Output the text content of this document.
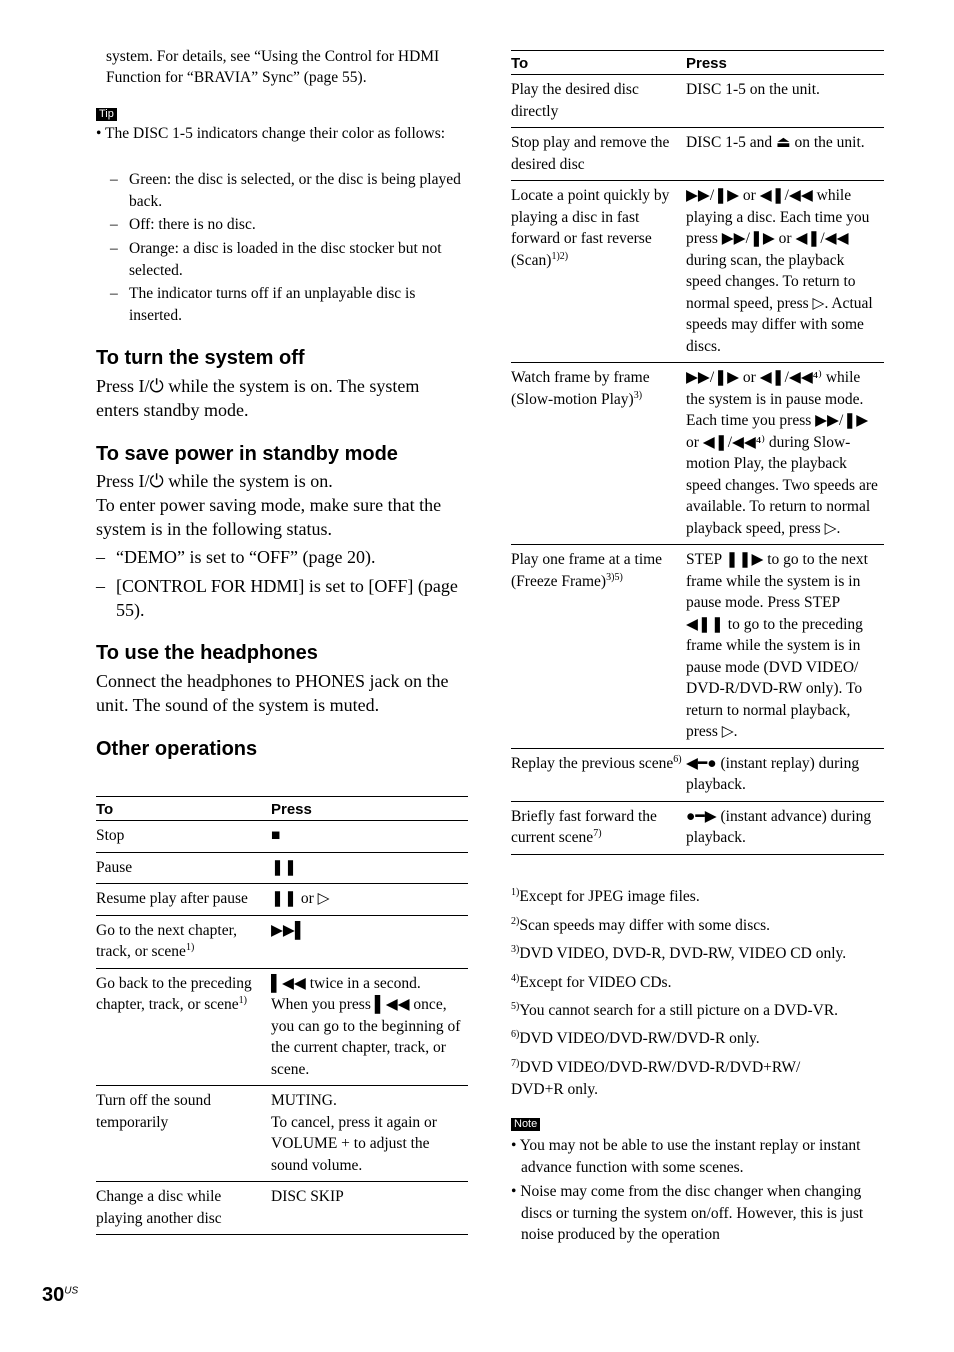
system. For details, see “Using the Control for HDMI

Function for “BRAVIA” Sync” (page 55).

Tip

• The DISC 1-5 indicators change their color as follows:

– Green: the disc is selected, or the disc is being played back.
– Off: there is no disc.
– Orange: a disc is loaded in the disc stocker but not selected.
– The indicator turns off if an unplayable disc is inserted.

To turn the system off

Press I/⏻ while the system is on. The system enters standby mode.

To save power in standby mode

Press I/⏻ while the system is on.

To enter power saving mode, make sure that the system is in the following status.

– “DEMO” is set to “OFF” (page 20).
– [CONTROL FOR HDMI] is set to [OFF] (page 55).

To use the headphones

Connect the headphones to PHONES jack on the unit. The sound of the system is muted.

Other operations

To	Press
Stop	■
Pause	❚❚
Resume play after pause	❚❚ or ▷
Go to the next chapter, track, or scene$^{1)}$	▶▶▌
Go back to the preceding chapter, track, or scene$^{1)}$	▌◀◀ twice in a second.
When you press ▌◀◀ once, you can go to the beginning of the current chapter, track, or scene.

Turn off the sound temporarily	MUTING.
To cancel, press it again or VOLUME + to adjust the sound volume.

Change a disc while playing another disc	DISC SKIP
To	Press
Play the desired disc directly	DISC 1-5 on the unit.
Stop play and remove the desired disc	DISC 1-5 and ⏏ on the unit.
Locate a point quickly by playing a disc in fast forward or fast reverse (Scan)$^{1)2)}$	▶▶/❚▶ or ◀❚/◀◀ while playing a disc. Each time you press ▶▶/❚▶ or ◀❚/◀◀ during scan, the playback speed changes. To return to normal speed, press ▷. Actual speeds may differ with some discs.
Watch frame by frame (Slow-motion Play)$^{3)}$	▶▶/❚▶ or ◀❚/◀◀⁴⁾ while the system is in pause mode. Each time you press ▶▶/❚▶ or ◀❚/◀◀⁴⁾ during Slow-motion Play, the playback speed changes. Two speeds are available. To return to normal playback speed, press ▷.
Play one frame at a time (Freeze Frame)$^{3)5)}$	STEP ❚❚▶ to go to the next frame while the system is in pause mode. Press STEP ◀❚❚ to go to the preceding frame while the system is in pause mode (DVD VIDEO/ DVD-R/DVD-RW only). To return to normal playback, press ▷.
Replay the previous scene$^{6)}$	◀━● (instant replay) during playback.
Briefly fast forward the current scene$^{7)}$	●━▶ (instant advance) during playback.
$^{1)}$Except for JPEG image files.
$^{2)}$Scan speeds may differ with some discs.
$^{3)}$DVD VIDEO, DVD-R, DVD-RW, VIDEO CD only.
$^{4)}$Except for VIDEO CDs.
$^{5)}$You cannot search for a still picture on a DVD-VR.
$^{6)}$DVD VIDEO/DVD-RW/DVD-R only.
$^{7)}$DVD VIDEO/DVD-RW/DVD-R/DVD+RW/ DVD+R only.
Note

• You may not be able to use the instant replay or instant advance function with some scenes.

• Noise may come from the disc changer when changing discs or turning the system on/off. However, this is just noise produced by the operation

$30^{US}$
